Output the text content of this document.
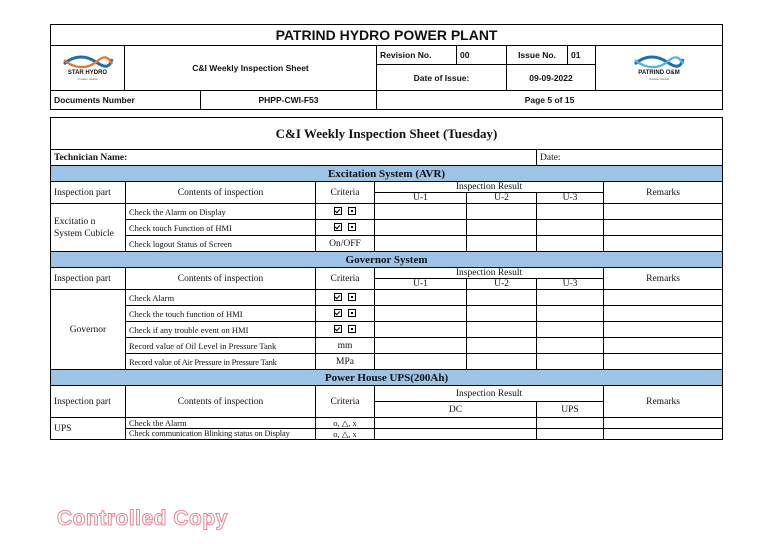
PATRIND HYDRO POWER PLANT							

STAR HYDRO
K-water Global	C&I Weekly Inspection Sheet		Revision No.	00	Issue No.	01	PATRIND O&M
K-water Global

			Date of Issue:		09-09-2022		
Documents Number		PHPP-CWI-F53	Page 5 of 15				
C&I Weekly Inspection Sheet (Tuesday)						
Technician Name:					Date:	
Excitation System (AVR)						
Inspection part	Contents of inspection	Criteria	Inspection Result			Remarks
			U-1	U-2	U-3	
Excitatio n System Cubicle	Check the Alarm on Display					
	Check touch Function of HMI					
	Check logout Status of Screen	On/OFF				
Governor System						
Inspection part	Contents of inspection	Criteria	Inspection Result			Remarks
			U-1	U-2	U-3	
Governor	Check Alarm					
	Check the touch function of HMI					
	Check if any trouble event on HMI					
	Record value of Oil Level in Pressure Tank	mm				
	Record value of Air Pressure in Pressure Tank	MPa				
Power House UPS(200Ah)						
Inspection part	Contents of inspection	Criteria	Inspection Result			Remarks
			DC		UPS	
UPS	Check the Alarm	o, △, x				
	Check communication Blinking status on Display	o, △, x				
Controlled Copy
